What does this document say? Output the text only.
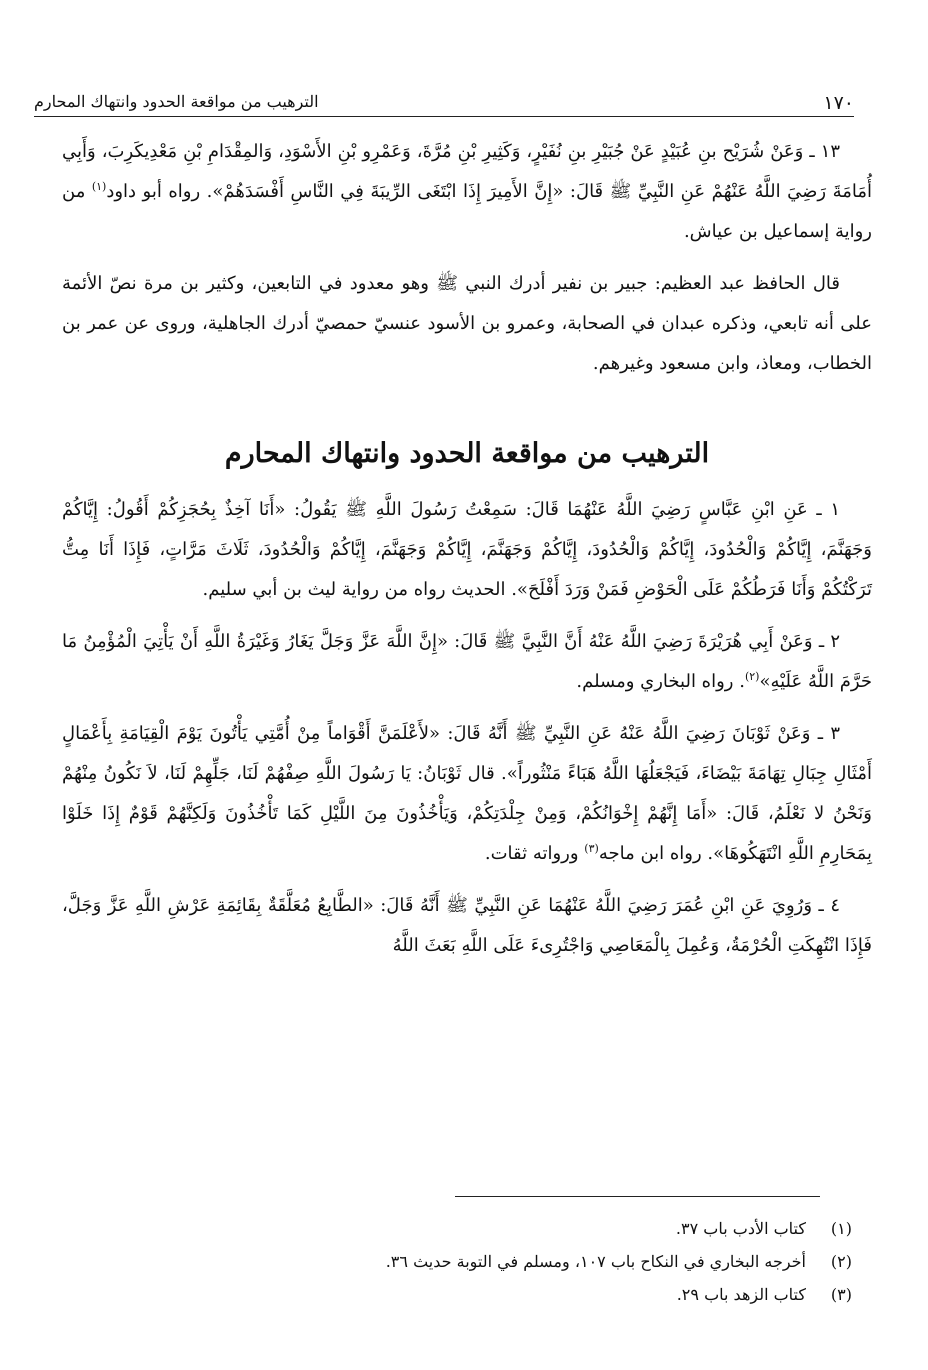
١٧٠
الترهيب من مواقعة الحدود وانتهاك المحارم

١٣ ـ وَعَنْ شُرَيْح بنِ عُبَيْدٍ عَنْ جُبَيْرِ بنِ نُفَيْرٍ، وَكَثِيرِ بْنِ مُرَّةَ، وَعَمْرِو بْنِ الأَسْوَدِ، وَالمِقْدَامِ بْنِ مَعْدِيكَرِبَ، وَأَبِي أُمَامَةَ رَضِيَ اللَّهُ عَنْهُمْ عَنِ النَّبِيِّ ﷺ قَالَ: «إِنَّ الأَمِيرَ إِذَا ابْتَغَى الرِّيبَةَ فِي النَّاسِ أَفْسَدَهُمْ». رواه أبو داود$^{(١)}$ من رواية إسماعيل بن عياش.

قال الحافظ عبد العظيم: جبير بن نفير أدرك النبي ﷺ وهو معدود في التابعين، وكثير بن مرة نصّ الأئمة على أنه تابعي، وذكره عبدان في الصحابة، وعمرو بن الأسود عنسيّ حمصيّ أدرك الجاهلية، وروى عن عمر بن الخطاب، ومعاذ، وابن مسعود وغيرهم.

الترهيب من مواقعة الحدود وانتهاك المحارم

١ ـ عَنِ ابْنِ عَبَّاسٍ رَضِيَ اللَّهُ عَنْهُمَا قَالَ: سَمِعْتُ رَسُولَ اللَّهِ ﷺ يَقُولُ: «أَنَا آخِذٌ بِحُجَزِكُمْ أَقُولُ: إِيَّاكُمْ وَجَهَنَّمَ، إِيَّاكُمْ وَالْحُدُودَ، إِيَّاكُمْ وَالْحُدُودَ، إِيَّاكُمْ وَجَهَنَّمَ، إِيَّاكُمْ وَجَهَنَّمَ، إِيَّاكُمْ وَالْحُدُودَ، ثَلَاثَ مَرَّاتٍ، فَإِذَا أَنَا مِتُّ تَرَكْتُكُمْ وَأَنَا فَرَطُكُمْ عَلَى الْحَوْضِ فَمَنْ وَرَدَ أَفْلَحَ». الحديث رواه من رواية ليث بن أبي سليم.

٢ ـ وَعَنْ أَبِي هُرَيْرَةَ رَضِيَ اللَّهُ عَنْهُ أَنَّ النَّبِيَّ ﷺ قَالَ: «إِنَّ اللَّهَ عَزَّ وَجَلَّ يَغَارُ وَغَيْرَةُ اللَّهِ أَنْ يَأْتِيَ الْمُؤْمِنُ مَا حَرَّمَ اللَّهُ عَلَيْهِ»$^{(٢)}$. رواه البخاري ومسلم.

٣ ـ وَعَنْ ثَوْبَانَ رَضِيَ اللَّهُ عَنْهُ عَنِ النَّبِيِّ ﷺ أَنَّهُ قَالَ: «لأَعْلَمَنَّ أَقْوَاماً مِنْ أُمَّتِي يَأْتُونَ يَوْمَ الْقِيَامَةِ بِأَعْمَالٍ أَمْثَالِ جِبَالِ تِهَامَةَ بَيْضَاءَ، فَيَجْعَلُهَا اللَّهُ هَبَاءً مَنْثُوراً». قال ثَوْبَانُ: يَا رَسُولَ اللَّهِ صِفْهُمْ لَنَا، جَلِّهِمْ لَنَا، لاَ نَكُونُ مِنْهُمْ وَنَحْنُ لا نَعْلَمُ، قَالَ: «أَمَا إِنَّهُمْ إِخْوَانُكُمْ، وَمِنْ جِلْدَتِكُمْ، وَيَأْخُذُونَ مِنَ اللَّيْلِ كَمَا تَأْخُذُونَ وَلَكِنَّهُمْ قَوْمٌ إِذَا خَلَوْا بِمَحَارِمِ اللَّهِ انْتَهَكُوهَا». رواه ابن ماجه$^{(٣)}$ ورواته ثقات.

٤ ـ وَرُوِيَ عَنِ ابْنِ عُمَرَ رَضِيَ اللَّهُ عَنْهُمَا عَنِ النَّبِيِّ ﷺ أَنَّهُ قَالَ: «الطَّابِعُ مُعَلَّقَةٌ بِقَائِمَةِ عَرْشِ اللَّهِ عَزَّ وَجَلَّ، فَإِذَا انْتُهِكَتِ الْحُرْمَةُ، وَعُمِلَ بِالْمَعَاصِي وَاجْتُرِىءَ عَلَى اللَّهِ بَعَثَ اللَّهُ

(١)
كتاب الأدب باب ٣٧.
(٢)
أخرجه البخاري في النكاح باب ١٠٧، ومسلم في التوبة حديث ٣٦.
(٣)
كتاب الزهد باب ٢٩.
